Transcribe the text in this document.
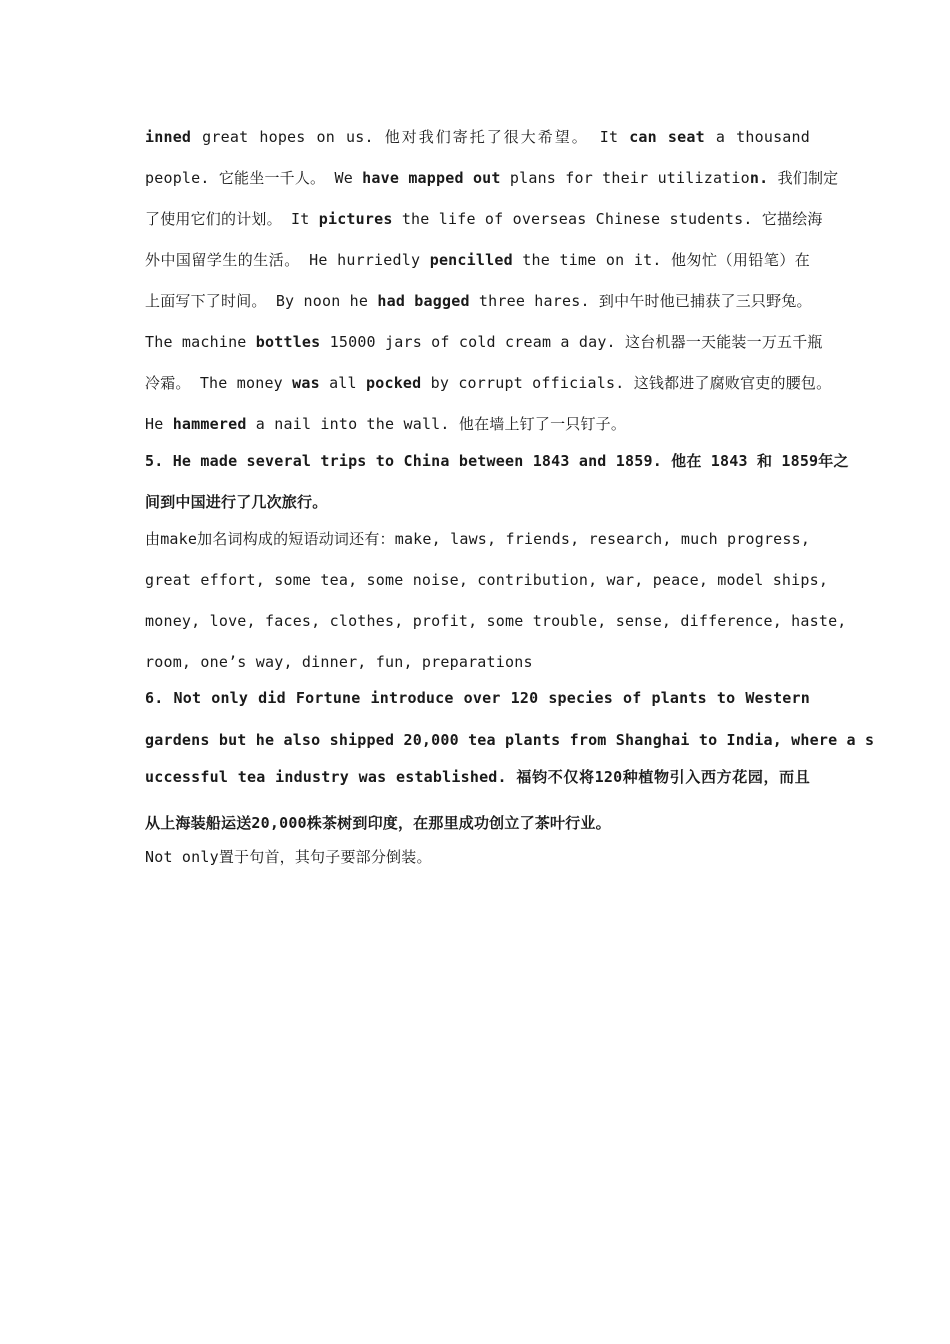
inned great hopes on us. 他对我们寄托了很大希望。 It can seat a thousand
people. 它能坐一千人。 We have mapped out plans for their utilization. 我们制定
了使用它们的计划。 It pictures the life of overseas Chinese students. 它描绘海
外中国留学生的生活。 He hurriedly pencilled the time on it. 他匆忙（用铅笔）在
上面写下了时间。 By noon he had bagged three hares. 到中午时他已捕获了三只野兔。
The machine bottles 15000 jars of cold cream a day. 这台机器一天能装一万五千瓶
冷霜。 The money was all pocked by corrupt officials. 这钱都进了腐败官吏的腰包。
He hammered a nail into the wall. 他在墙上钉了一只钉子。
5. He made several trips to China between 1843 and 1859. 他在 1843 和 1859年之
间到中国进行了几次旅行。
由make加名词构成的短语动词还有：make, laws, friends, research, much progress,
great effort, some tea, some noise, contribution, war, peace, model ships,
money, love, faces, clothes, profit, some trouble, sense, difference, haste,
room, one’s way, dinner, fun, preparations
6. Not only did Fortune introduce over 120 species of plants to Western
gardens but he also shipped 20,000 tea plants from Shanghai to India, where a s
uccessful tea industry was established. 福钧不仅将120种植物引入西方花园，而且
从上海装船运送20,000株茶树到印度，在那里成功创立了茶叶行业。
Not only置于句首，其句子要部分倒装。
